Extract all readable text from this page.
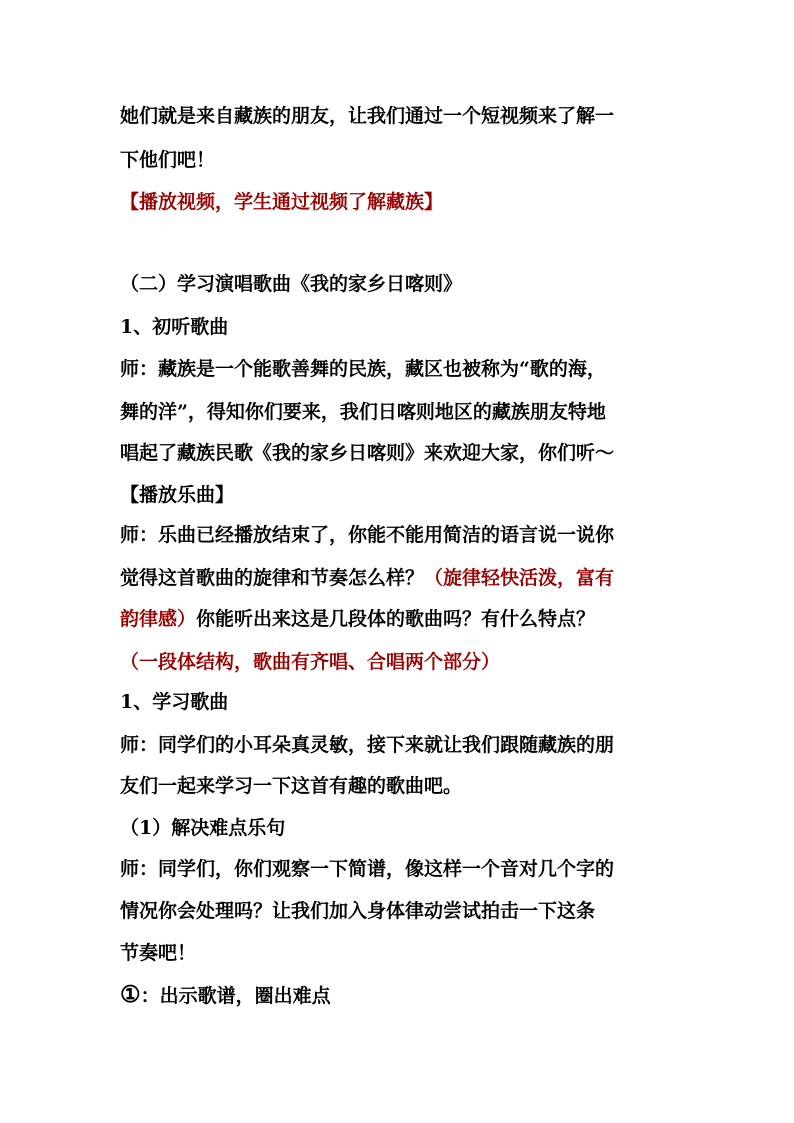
她们就是来自藏族的朋友，让我们通过一个短视频来了解一
下他们吧！
【播放视频，学生通过视频了解藏族】
（二）学习演唱歌曲《我的家乡日喀则》
1、初听歌曲
师：藏族是一个能歌善舞的民族，藏区也被称为“歌的海，
舞的洋”，得知你们要来，我们日喀则地区的藏族朋友特地
唱起了藏族民歌《我的家乡日喀则》来欢迎大家，你们听～
【播放乐曲】
师：乐曲已经播放结束了，你能不能用简洁的语言说一说你
觉得这首歌曲的旋律和节奏怎么样？（旋律轻快活泼，富有
韵律感）你能听出来这是几段体的歌曲吗？有什么特点？
（一段体结构，歌曲有齐唱、合唱两个部分）
1、学习歌曲
师：同学们的小耳朵真灵敏，接下来就让我们跟随藏族的朋
友们一起来学习一下这首有趣的歌曲吧。
（1）解决难点乐句
师：同学们，你们观察一下简谱，像这样一个音对几个字的
情况你会处理吗？让我们加入身体律动尝试拍击一下这条
节奏吧！
①：出示歌谱，圈出难点
